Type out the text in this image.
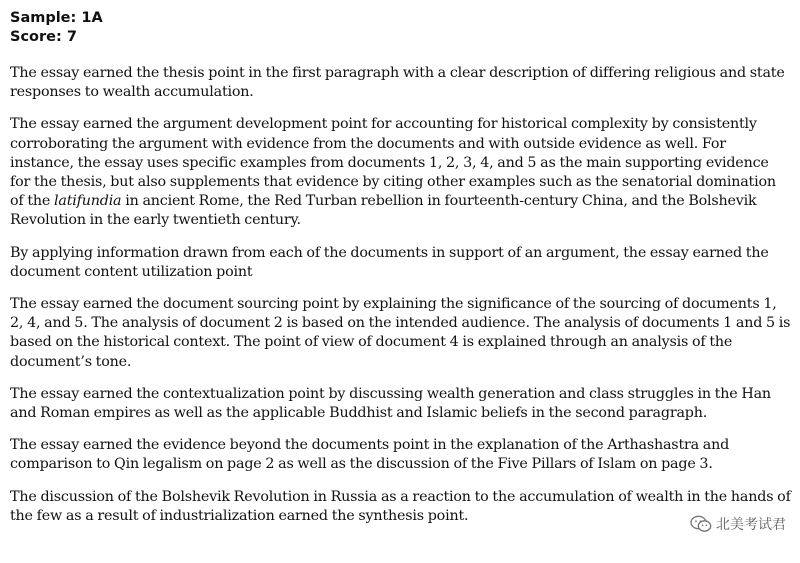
Sample: 1A

Score: 7

The essay earned the thesis point in the first paragraph with a clear description of differing religious and state responses to wealth accumulation.

The essay earned the argument development point for accounting for historical complexity by consistently corroborating the argument with evidence from the documents and with outside evidence as well. For instance, the essay uses specific examples from documents 1, 2, 3, 4, and 5 as the main supporting evidence for the thesis, but also supplements that evidence by citing other examples such as the senatorial domination of the latifundia in ancient Rome, the Red Turban rebellion in fourteenth-century China, and the Bolshevik Revolution in the early twentieth century.

By applying information drawn from each of the documents in support of an argument, the essay earned the document content utilization point

The essay earned the document sourcing point by explaining the significance of the sourcing of documents 1, 2, 4, and 5. The analysis of document 2 is based on the intended audience. The analysis of documents 1 and 5 is based on the historical context. The point of view of document 4 is explained through an analysis of the document’s tone.

The essay earned the contextualization point by discussing wealth generation and class struggles in the Han and Roman empires as well as the applicable Buddhist and Islamic beliefs in the second paragraph.

The essay earned the evidence beyond the documents point in the explanation of the Arthashastra and comparison to Qin legalism on page 2 as well as the discussion of the Five Pillars of Islam on page 3.

The discussion of the Bolshevik Revolution in Russia as a reaction to the accumulation of wealth in the hands of the few as a result of industrialization earned the synthesis point.

北美考试君
